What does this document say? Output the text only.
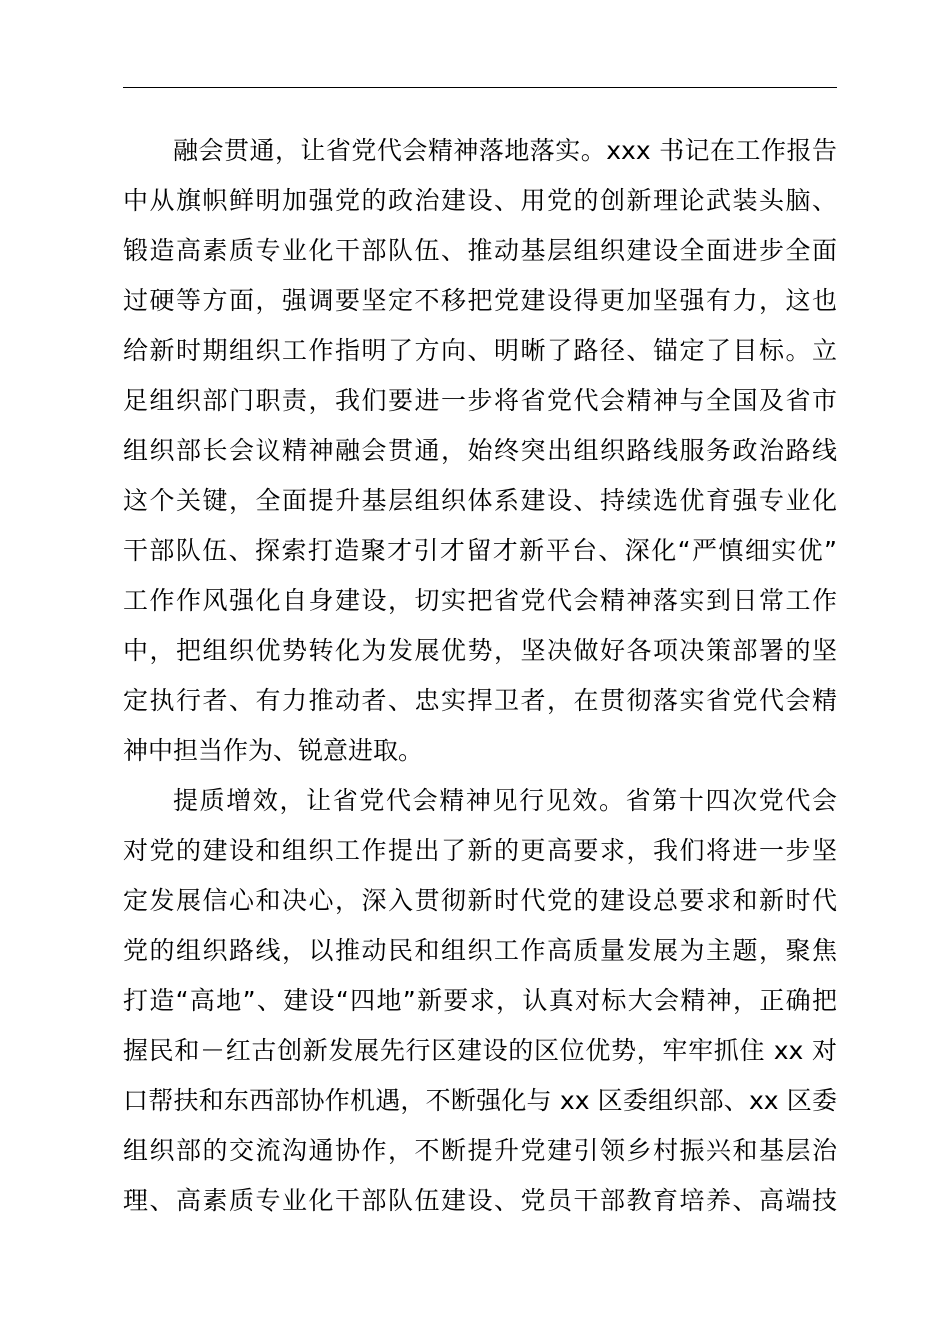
融会贯通，让省党代会精神落地落实。xxx 书记在工作报告
中从旗帜鲜明加强党的政治建设、用党的创新理论武装头脑、
锻造高素质专业化干部队伍、推动基层组织建设全面进步全面
过硬等方面，强调要坚定不移把党建设得更加坚强有力，这也
给新时期组织工作指明了方向、明晰了路径、锚定了目标。立
足组织部门职责，我们要进一步将省党代会精神与全国及省市
组织部长会议精神融会贯通，始终突出组织路线服务政治路线
这个关键，全面提升基层组织体系建设、持续选优育强专业化
干部队伍、探索打造聚才引才留才新平台、深化“严慎细实优”
工作作风强化自身建设，切实把省党代会精神落实到日常工作
中，把组织优势转化为发展优势，坚决做好各项决策部署的坚
定执行者、有力推动者、忠实捍卫者，在贯彻落实省党代会精
神中担当作为、锐意进取。
提质增效，让省党代会精神见行见效。省第十四次党代会
对党的建设和组织工作提出了新的更高要求，我们将进一步坚
定发展信心和决心，深入贯彻新时代党的建设总要求和新时代
党的组织路线，以推动民和组织工作高质量发展为主题，聚焦
打造“高地”、建设“四地”新要求，认真对标大会精神，正确把
握民和－红古创新发展先行区建设的区位优势，牢牢抓住 xx 对
口帮扶和东西部协作机遇，不断强化与 xx 区委组织部、xx 区委
组织部的交流沟通协作，不断提升党建引领乡村振兴和基层治
理、高素质专业化干部队伍建设、党员干部教育培养、高端技
